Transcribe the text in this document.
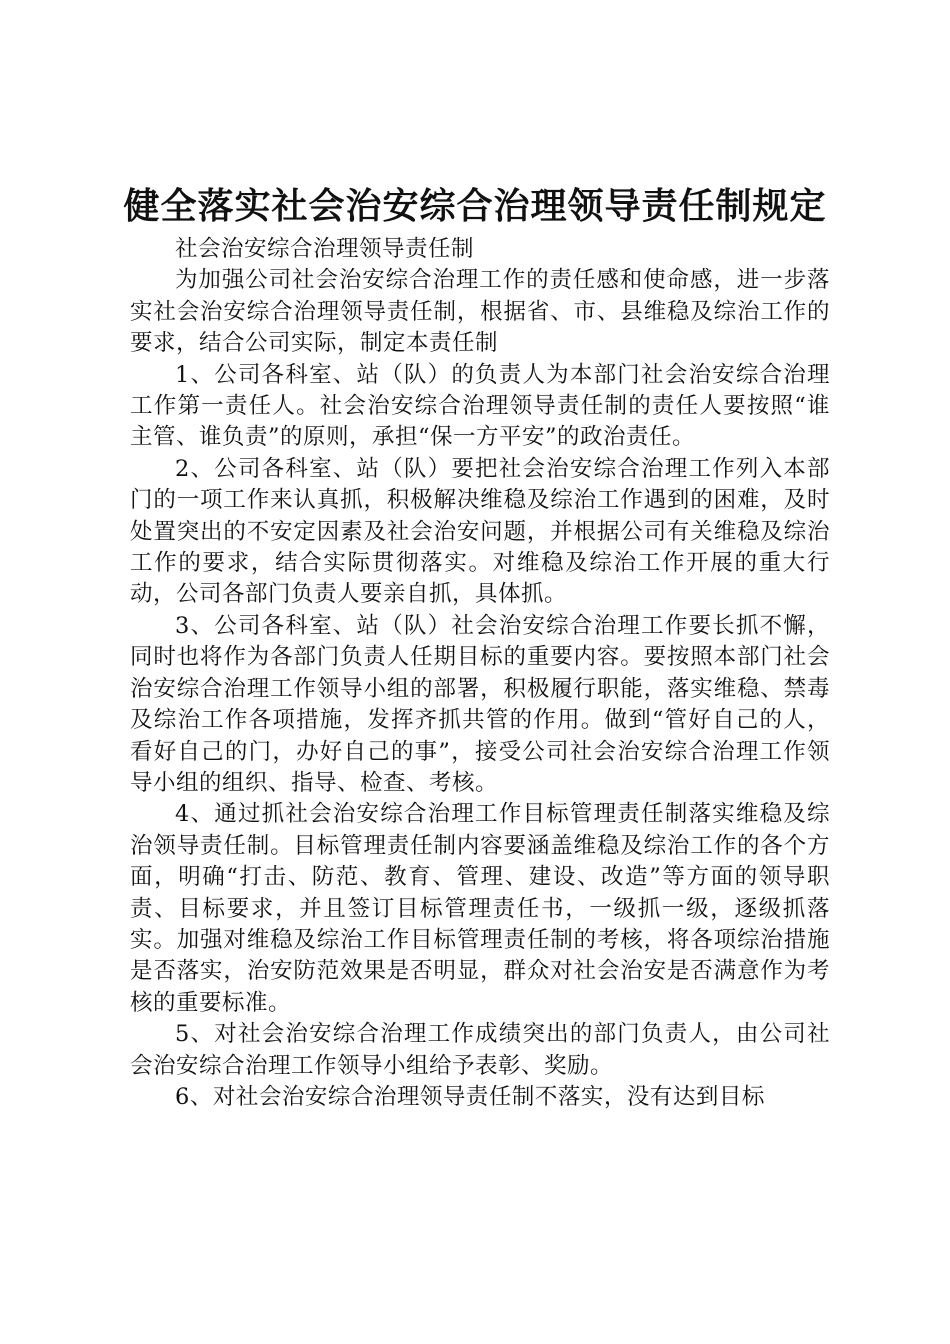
健全落实社会治安综合治理领导责任制规定

社会治安综合治理领导责任制

为加强公司社会治安综合治理工作的责任感和使命感，进一步落实社会治安综合治理领导责任制，根据省、市、县维稳及综治工作的要求，结合公司实际，制定本责任制

1、公司各科室、站（队）的负责人为本部门社会治安综合治理工作第一责任人。社会治安综合治理领导责任制的责任人要按照“谁主管、谁负责”的原则，承担“保一方平安”的政治责任。

2、公司各科室、站（队）要把社会治安综合治理工作列入本部门的一项工作来认真抓，积极解决维稳及综治工作遇到的困难，及时处置突出的不安定因素及社会治安问题，并根据公司有关维稳及综治工作的要求，结合实际贯彻落实。对维稳及综治工作开展的重大行动，公司各部门负责人要亲自抓，具体抓。

3、公司各科室、站（队）社会治安综合治理工作要长抓不懈，同时也将作为各部门负责人任期目标的重要内容。要按照本部门社会治安综合治理工作领导小组的部署，积极履行职能，落实维稳、禁毒及综治工作各项措施，发挥齐抓共管的作用。做到“管好自己的人，看好自己的门，办好自己的事”，接受公司社会治安综合治理工作领导小组的组织、指导、检查、考核。

4、通过抓社会治安综合治理工作目标管理责任制落实维稳及综治领导责任制。目标管理责任制内容要涵盖维稳及综治工作的各个方面，明确“打击、防范、教育、管理、建设、改造”等方面的领导职责、目标要求，并且签订目标管理责任书，一级抓一级，逐级抓落实。加强对维稳及综治工作目标管理责任制的考核，将各项综治措施是否落实，治安防范效果是否明显，群众对社会治安是否满意作为考核的重要标准。

5、对社会治安综合治理工作成绩突出的部门负责人，由公司社会治安综合治理工作领导小组给予表彰、奖励。

6、对社会治安综合治理领导责任制不落实，没有达到目标
